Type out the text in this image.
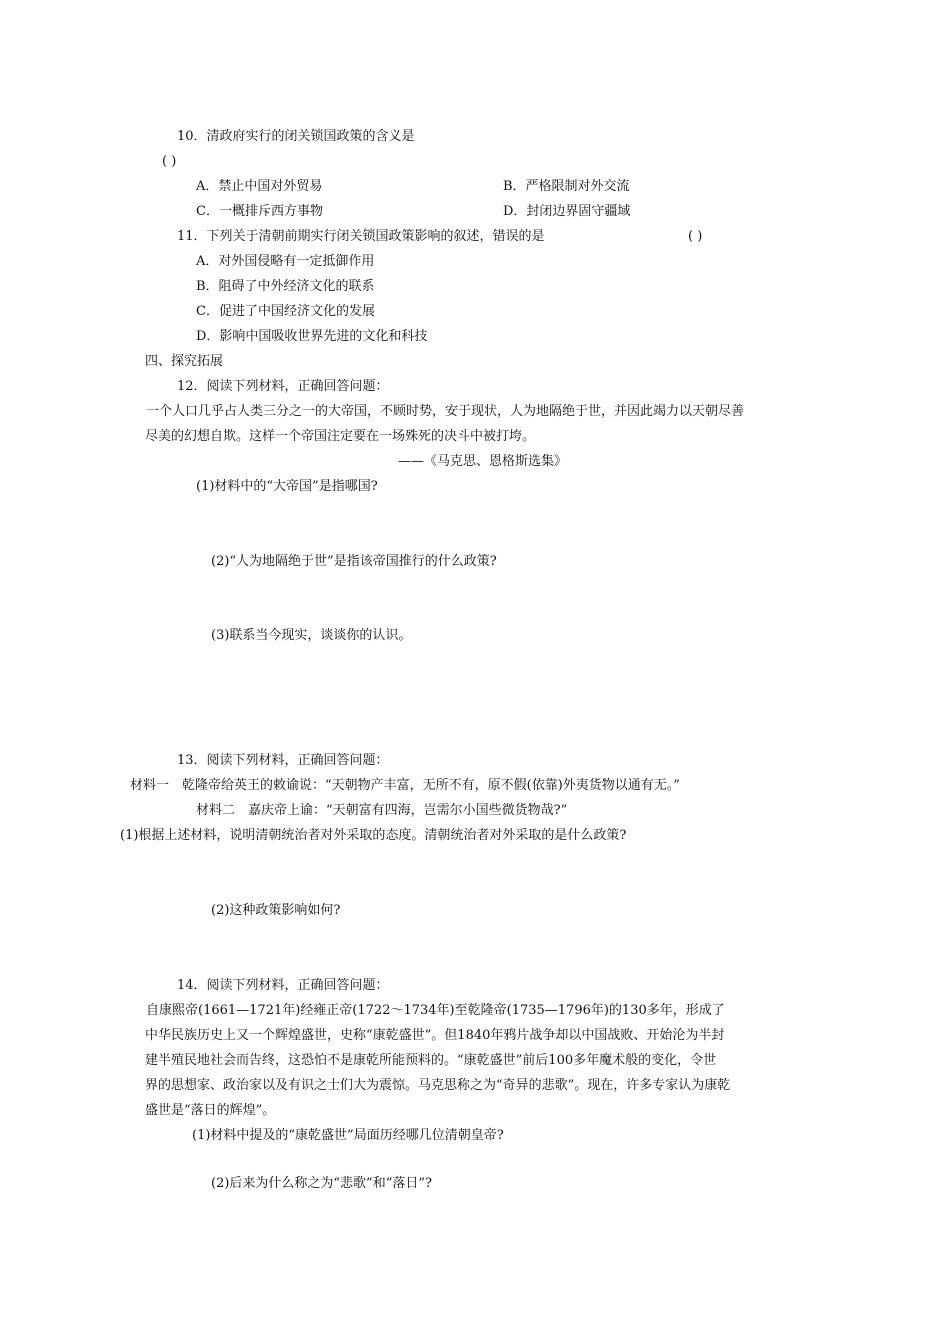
10．清政府实行的闭关锁国政策的含义是
( )
A．禁止中国对外贸易	B．严格限制对外交流
C．一概排斥西方事物	D．封闭边界固守疆域
11．下列关于清朝前期实行闭关锁国政策影响的叙述，错误的是	( )
A．对外国侵略有一定抵御作用
B．阻碍了中外经济文化的联系
C．促进了中国经济文化的发展
D．影响中国吸收世界先进的文化和科技
四、探究拓展
12．阅读下列材料，正确回答问题：
一个人口几乎占人类三分之一的大帝国，不顾时势，安于现状，人为地隔绝于世，并因此竭力以天朝尽善
尽美的幻想自欺。这样一个帝国注定要在一场殊死的决斗中被打垮。
——《马克思、恩格斯选集》
(1)材料中的“大帝国”是指哪国?
(2)“人为地隔绝于世”是指该帝国推行的什么政策?
(3)联系当今现实，谈谈你的认识。
13．阅读下列材料，正确回答问题：
材料一　乾隆帝给英王的敕谕说：“天朝物产丰富，无所不有，原不假(依靠)外夷货物以通有无。”
材料二　嘉庆帝上谕：“天朝富有四海，岂需尔小国些微货物哉?”
(1)根据上述材料，说明清朝统治者对外采取的态度。清朝统治者对外采取的是什么政策?
(2)这种政策影响如何?
14．阅读下列材料，正确回答问题：
自康熙帝(1661—1721年)经雍正帝(1722～1734年)至乾隆帝(1735—1796年)的130多年，形成了
中华民族历史上又一个辉煌盛世，史称“康乾盛世”。但1840年鸦片战争却以中国战败、开始沦为半封
建半殖民地社会而告终，这恐怕不是康乾所能预料的。“康乾盛世”前后100多年魔术般的变化，令世
界的思想家、政治家以及有识之士们大为震惊。马克思称之为“奇异的悲歌”。现在，许多专家认为康乾
盛世是“落日的辉煌”。
(1)材料中提及的“康乾盛世”局面历经哪几位清朝皇帝?
(2)后来为什么称之为“悲歌”和“落日”?
